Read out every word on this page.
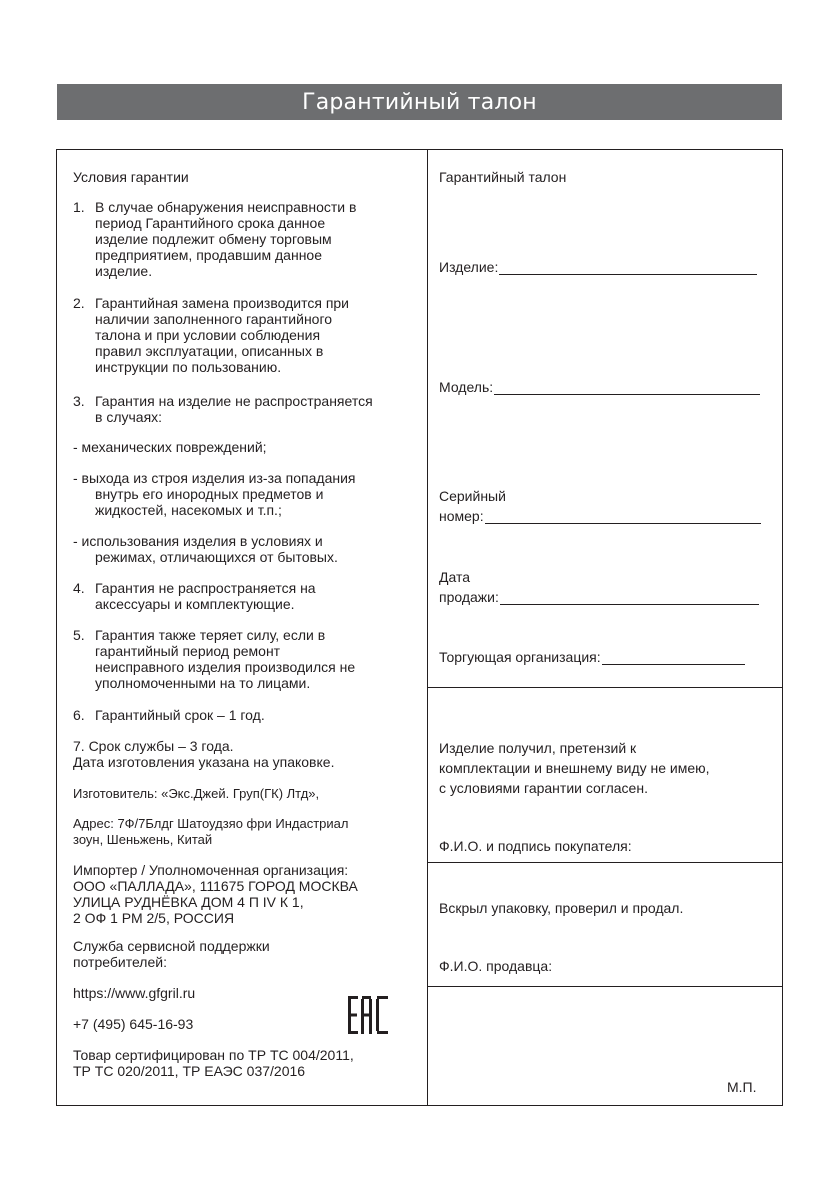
Гарантийный талон
Условия гарантии
1. В случае обнаружения неисправности в
период Гарантийного срока данное
изделие подлежит обмену торговым
предприятием, продавшим данное
изделие.
2. Гарантийная замена производится при
наличии заполненного гарантийного
талона и при условии соблюдения
правил эксплуатации, описанных в
инструкции по пользованию.
3. Гарантия на изделие не распространяется
в случаях:
- механических повреждений;
- выхода из строя изделия из-за попадания
внутрь его инородных предметов и
жидкостей, насекомых и т.п.;
- использования изделия в условиях и
режимах, отличающихся от бытовых.
4. Гарантия не распространяется на
аксессуары и комплектующие.
5. Гарантия также теряет силу, если в
гарантийный период ремонт
неисправного изделия производился не
уполномоченными на то лицами.
6. Гарантийный срок – 1 год.
7. Срок службы – 3 года.
Дата изготовления указана на упаковке.
Изготовитель: «Экс.Джей. Груп(ГК) Лтд»,
Адрес: 7Ф/7Блдг Шатоудзяо фри Индастриал
зоун, Шеньжень, Китай
Импортер / Уполномоченная организация:
ООО «ПАЛЛАДА», 111675 ГОРОД МОСКВА
УЛИЦА РУДНЁВКА ДОМ 4 П IV К 1,
2 ОФ 1 РМ 2/5, РОССИЯ
Служба сервисной поддержки
потребителей:
https://www.gfgril.ru
+7 (495) 645-16-93
Товар сертифицирован по ТР ТС 004/2011,
ТР ТС 020/2011, ТР ЕАЭС 037/2016
Гарантийный талон
Изделие:
Модель:
Серийный
номер:
Дата
продажи:
Торгующая организация:
Изделие получил, претензий к
комплектации и внешнему виду не имею,
с условиями гарантии согласен.
Ф.И.О. и подпись покупателя:
Вскрыл упаковку, проверил и продал.
Ф.И.О. продавца:
М.П.
